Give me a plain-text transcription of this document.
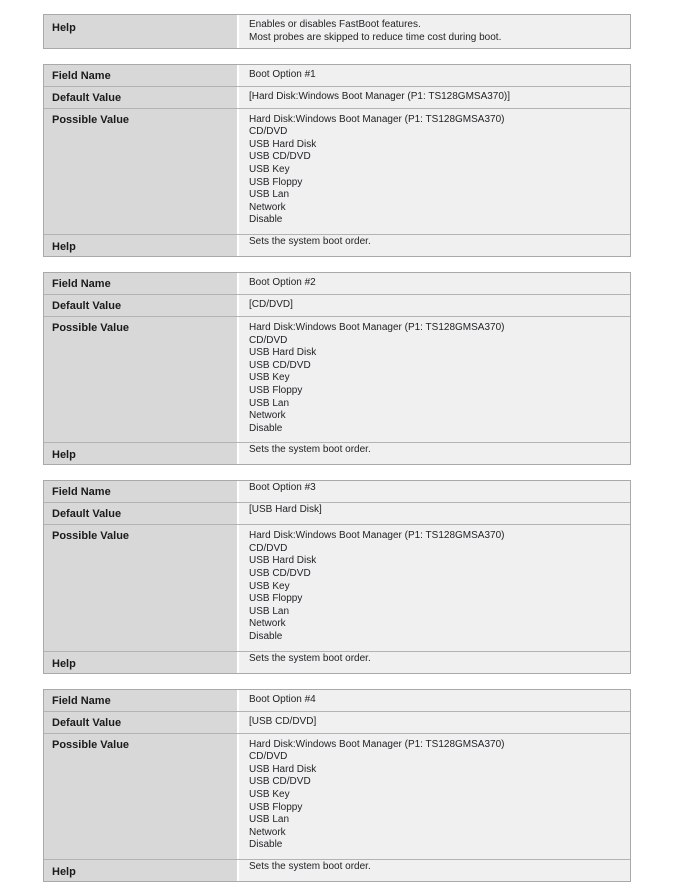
Help	Enables or disables FastBoot features.
Most probes are skipped to reduce time cost during boot.
Field Name	Boot Option #1
Default Value	[Hard Disk:Windows Boot Manager (P1: TS128GMSA370)]
Possible Value	Hard Disk:Windows Boot Manager (P1: TS128GMSA370)
CD/DVD
USB Hard Disk
USB CD/DVD
USB Key
USB Floppy
USB Lan
Network
Disable
Help	Sets the system boot order.
Field Name	Boot Option #2
Default Value	[CD/DVD]
Possible Value	Hard Disk:Windows Boot Manager (P1: TS128GMSA370)
CD/DVD
USB Hard Disk
USB CD/DVD
USB Key
USB Floppy
USB Lan
Network
Disable
Help	Sets the system boot order.
Field Name	Boot Option #3
Default Value	[USB Hard Disk]
Possible Value	Hard Disk:Windows Boot Manager (P1: TS128GMSA370)
CD/DVD
USB Hard Disk
USB CD/DVD
USB Key
USB Floppy
USB Lan
Network
Disable
Help	Sets the system boot order.
Field Name	Boot Option #4
Default Value	[USB CD/DVD]
Possible Value	Hard Disk:Windows Boot Manager (P1: TS128GMSA370)
CD/DVD
USB Hard Disk
USB CD/DVD
USB Key
USB Floppy
USB Lan
Network
Disable
Help	Sets the system boot order.
